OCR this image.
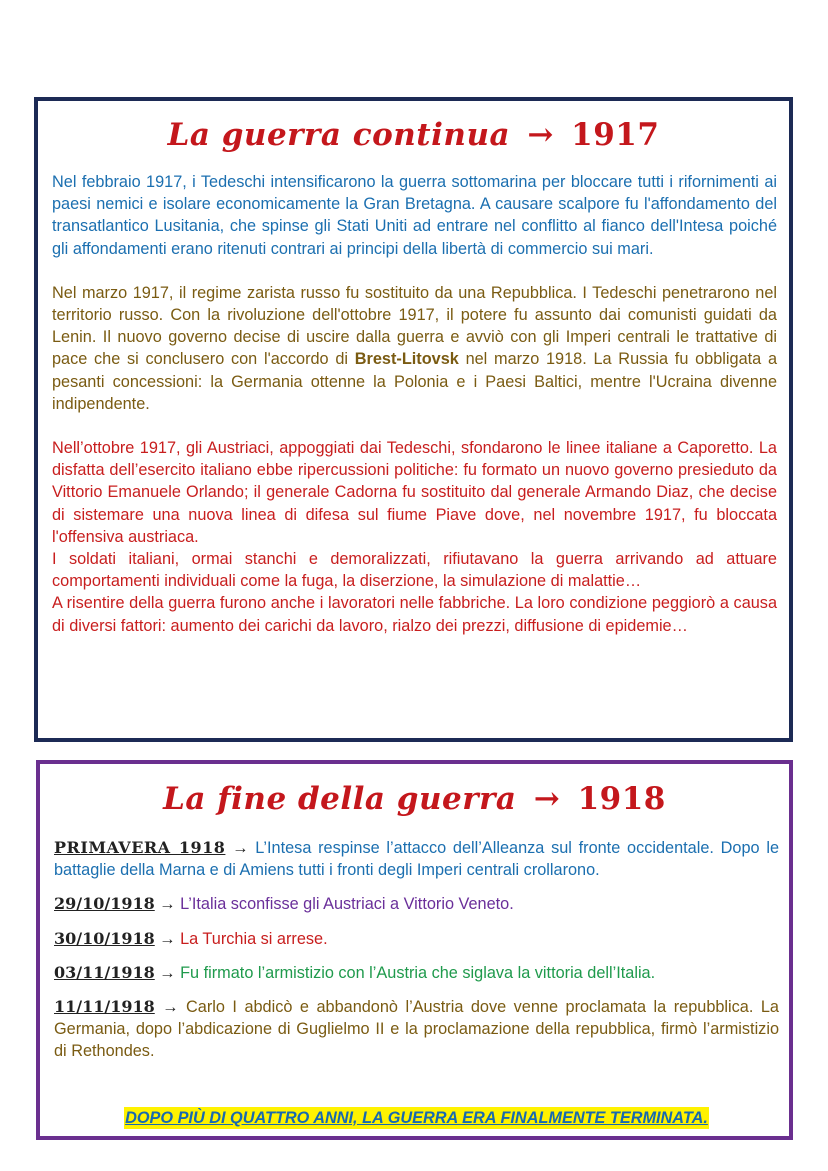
La guerra continua → 1917

Nel febbraio 1917, i Tedeschi intensificarono la guerra sottomarina per bloccare tutti i rifornimenti ai paesi nemici e isolare economicamente la Gran Bretagna. A causare scalpore fu l'affondamento del transatlantico Lusitania, che spinse gli Stati Uniti ad entrare nel conflitto al fianco dell'Intesa poiché gli affondamenti erano ritenuti contrari ai principi della libertà di commercio sui mari.

Nel marzo 1917, il regime zarista russo fu sostituito da una Repubblica. I Tedeschi penetrarono nel territorio russo. Con la rivoluzione dell'ottobre 1917, il potere fu assunto dai comunisti guidati da Lenin. Il nuovo governo decise di uscire dalla guerra e avviò con gli Imperi centrali le trattative di pace che si conclusero con l'accordo di Brest-Litovsk nel marzo 1918. La Russia fu obbligata a pesanti concessioni: la Germania ottenne la Polonia e i Paesi Baltici, mentre l'Ucraina divenne indipendente.

Nell’ottobre 1917, gli Austriaci, appoggiati dai Tedeschi, sfondarono le linee italiane a Caporetto. La disfatta dell’esercito italiano ebbe ripercussioni politiche: fu formato un nuovo governo presieduto da Vittorio Emanuele Orlando; il generale Cadorna fu sostituito dal generale Armando Diaz, che decise di sistemare una nuova linea di difesa sul fiume Piave dove, nel novembre 1917, fu bloccata l'offensiva austriaca.

I soldati italiani, ormai stanchi e demoralizzati, rifiutavano la guerra arrivando ad attuare comportamenti individuali come la fuga, la diserzione, la simulazione di malattie…

A risentire della guerra furono anche i lavoratori nelle fabbriche. La loro condizione peggiorò a causa di diversi fattori: aumento dei carichi da lavoro, rialzo dei prezzi, diffusione di epidemie…

La fine della guerra → 1918

PRIMAVERA 1918 → L’Intesa respinse l’attacco dell’Alleanza sul fronte occidentale. Dopo le battaglie della Marna e di Amiens tutti i fronti degli Imperi centrali crollarono.

29/10/1918 → L’Italia sconfisse gli Austriaci a Vittorio Veneto.

30/10/1918 → La Turchia si arrese.

03/11/1918 → Fu firmato l’armistizio con l’Austria che siglava la vittoria dell’Italia.

11/11/1918 → Carlo I abdicò e abbandonò l’Austria dove venne proclamata la repubblica. La Germania, dopo l’abdicazione di Guglielmo II e la proclamazione della repubblica, firmò l’armistizio di Rethondes.

DOPO PIÙ DI QUATTRO ANNI, LA GUERRA ERA FINALMENTE TERMINATA.
